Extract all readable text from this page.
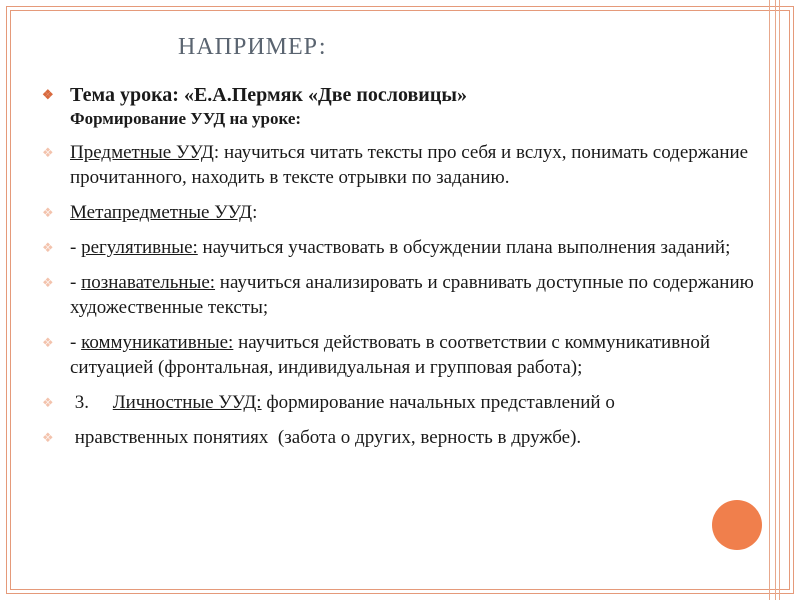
НАПРИМЕР:
❖ Тема урока: «Е.А.Пермяк «Две пословицы»
Формирование УУД на уроке:
❖ Предметные УУД: научиться читать тексты про себя и вслух, понимать содержание прочитанного, находить в тексте отрывки по заданию.
❖ Метапредметные УУД:
❖ - регулятивные: научиться участвовать в обсуждении плана выполнения заданий;
❖ - познавательные: научиться анализировать и сравнивать доступные по содержанию художественные тексты;
❖ - коммуникативные: научиться действовать в соответствии с коммуникативной ситуацией (фронтальная, индивидуальная и групповая работа);
❖ 3.     Личностные УУД: формирование начальных представлений о
❖ нравственных понятиях  (забота о других, верность в дружбе).
